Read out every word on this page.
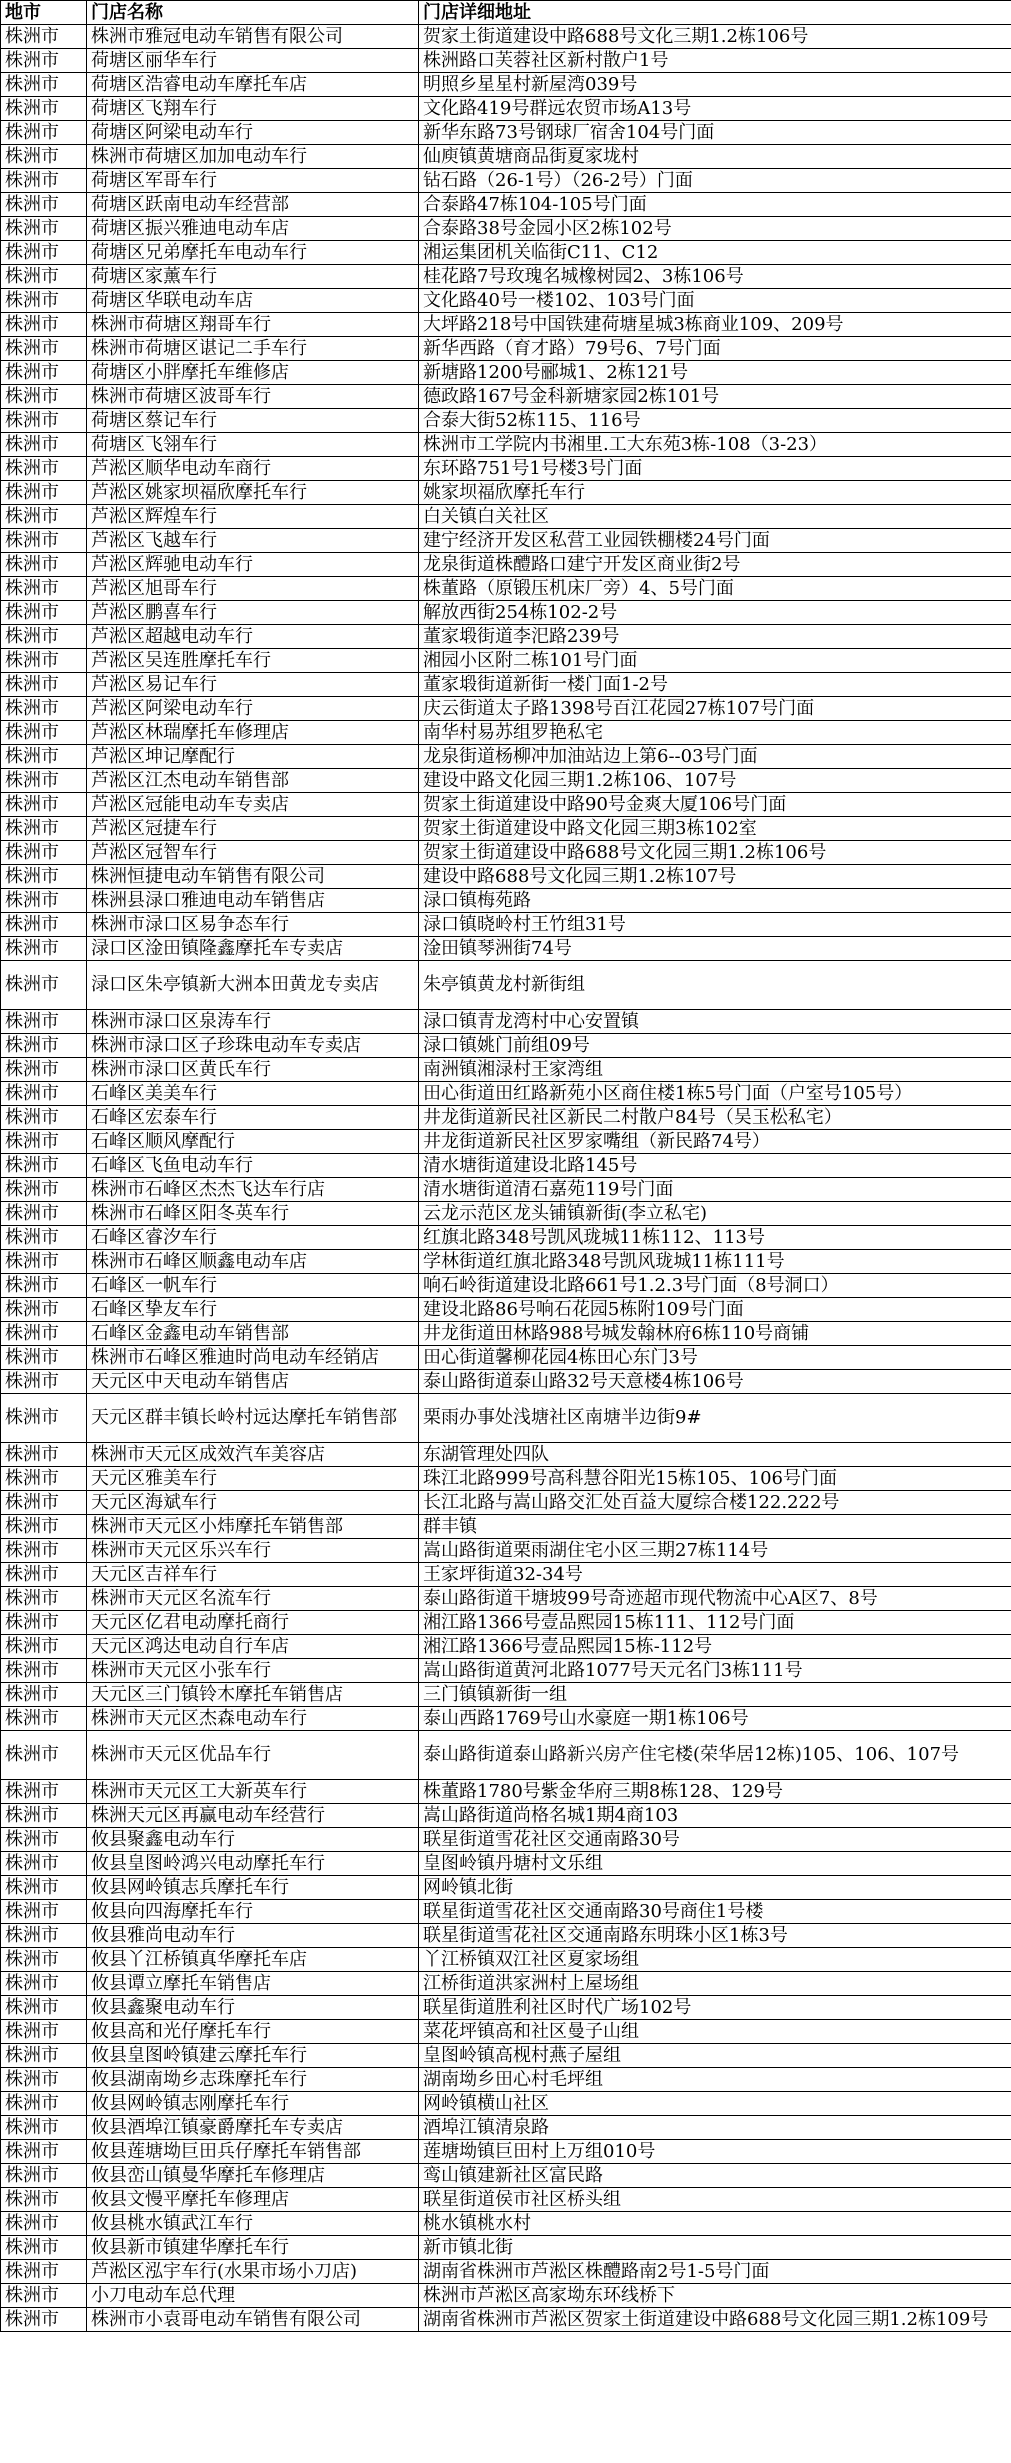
地市	门店名称	门店详细地址
株洲市	株洲市雅冠电动车销售有限公司	贺家土街道建设中路688号文化三期1.2栋106号
株洲市	荷塘区丽华车行	株洲路口芙蓉社区新村散户1号
株洲市	荷塘区浩睿电动车摩托车店	明照乡星星村新屋湾039号
株洲市	荷塘区飞翔车行	文化路419号群远农贸市场A13号
株洲市	荷塘区阿梁电动车行	新华东路73号钢球厂宿舍104号门面
株洲市	株洲市荷塘区加加电动车行	仙庾镇黄塘商品街夏家垅村
株洲市	荷塘区军哥车行	钻石路（26-1号）（26-2号）门面
株洲市	荷塘区跃南电动车经营部	合泰路47栋104-105号门面
株洲市	荷塘区振兴雅迪电动车店	合泰路38号金园小区2栋102号
株洲市	荷塘区兄弟摩托车电动车行	湘运集团机关临街C11、C12
株洲市	荷塘区家薰车行	桂花路7号玫瑰名城橡树园2、3栋106号
株洲市	荷塘区华联电动车店	文化路40号一楼102、103号门面
株洲市	株洲市荷塘区翔哥车行	大坪路218号中国铁建荷塘星城3栋商业109、209号
株洲市	株洲市荷塘区谌记二手车行	新华西路（育才路）79号6、7号门面
株洲市	荷塘区小胖摩托车维修店	新塘路1200号郦城1、2栋121号
株洲市	株洲市荷塘区波哥车行	德政路167号金科新塘家园2栋101号
株洲市	荷塘区蔡记车行	合泰大街52栋115、116号
株洲市	荷塘区飞翎车行	株洲市工学院内书湘里.工大东苑3栋-108（3-23）
株洲市	芦淞区顺华电动车商行	东环路751号1号楼3号门面
株洲市	芦淞区姚家坝福欣摩托车行	姚家坝福欣摩托车行
株洲市	芦淞区辉煌车行	白关镇白关社区
株洲市	芦淞区飞越车行	建宁经济开发区私营工业园铁棚楼24号门面
株洲市	芦淞区辉驰电动车行	龙泉街道株醴路口建宁开发区商业街2号
株洲市	芦淞区旭哥车行	株董路（原锻压机床厂旁）4、5号门面
株洲市	芦淞区鹏喜车行	解放西街254栋102-2号
株洲市	芦淞区超越电动车行	董家塅街道李汜路239号
株洲市	芦淞区吴连胜摩托车行	湘园小区附二栋101号门面
株洲市	芦淞区易记车行	董家塅街道新街一楼门面1-2号
株洲市	芦淞区阿梁电动车行	庆云街道太子路1398号百江花园27栋107号门面
株洲市	芦淞区林瑞摩托车修理店	南华村易苏组罗艳私宅
株洲市	芦淞区坤记摩配行	龙泉街道杨柳冲加油站边上第6--03号门面
株洲市	芦淞区江杰电动车销售部	建设中路文化园三期1.2栋106、107号
株洲市	芦淞区冠能电动车专卖店	贺家土街道建设中路90号金爽大厦106号门面
株洲市	芦淞区冠捷车行	贺家土街道建设中路文化园三期3栋102室
株洲市	芦淞区冠智车行	贺家土街道建设中路688号文化园三期1.2栋106号
株洲市	株洲恒捷电动车销售有限公司	建设中路688号文化园三期1.2栋107号
株洲市	株洲县渌口雅迪电动车销售店	渌口镇梅苑路
株洲市	株洲市渌口区易争态车行	渌口镇晓岭村王竹组31号
株洲市	渌口区淦田镇隆鑫摩托车专卖店	淦田镇琴洲街74号
株洲市	渌口区朱亭镇新大洲本田黄龙专卖店	朱亭镇黄龙村新街组
株洲市	株洲市渌口区泉涛车行	渌口镇青龙湾村中心安置镇
株洲市	株洲市渌口区子珍珠电动车专卖店	渌口镇姚门前组09号
株洲市	株洲市渌口区黄氏车行	南洲镇湘渌村王家湾组
株洲市	石峰区美美车行	田心街道田红路新苑小区商住楼1栋5号门面（户室号105号）
株洲市	石峰区宏泰车行	井龙街道新民社区新民二村散户84号（吴玉松私宅）
株洲市	石峰区顺风摩配行	井龙街道新民社区罗家嘴组（新民路74号）
株洲市	石峰区飞鱼电动车行	清水塘街道建设北路145号
株洲市	株洲市石峰区杰杰飞达车行店	清水塘街道清石嘉苑119号门面
株洲市	株洲市石峰区阳冬英车行	云龙示范区龙头铺镇新街(李立私宅)
株洲市	石峰区睿汐车行	红旗北路348号凯风珑城11栋112、113号
株洲市	株洲市石峰区顺鑫电动车店	学林街道红旗北路348号凯风珑城11栋111号
株洲市	石峰区一帆车行	响石岭街道建设北路661号1.2.3号门面（8号洞口）
株洲市	石峰区挚友车行	建设北路86号响石花园5栋附109号门面
株洲市	石峰区金鑫电动车销售部	井龙街道田林路988号城发翰林府6栋110号商铺
株洲市	株洲市石峰区雅迪时尚电动车经销店	田心街道馨柳花园4栋田心东门3号
株洲市	天元区中天电动车销售店	泰山路街道泰山路32号天意楼4栋106号
株洲市	天元区群丰镇长岭村远达摩托车销售部	栗雨办事处浅塘社区南塘半边街9#
株洲市	株洲市天元区成效汽车美容店	东湖管理处四队
株洲市	天元区雅美车行	珠江北路999号高科慧谷阳光15栋105、106号门面
株洲市	天元区海斌车行	长江北路与嵩山路交汇处百益大厦综合楼122.222号
株洲市	株洲市天元区小炜摩托车销售部	群丰镇
株洲市	株洲市天元区乐兴车行	嵩山路街道栗雨湖住宅小区三期27栋114号
株洲市	天元区吉祥车行	王家坪街道32-34号
株洲市	株洲市天元区名流车行	泰山路街道干塘坡99号奇迹超市现代物流中心A区7、8号
株洲市	天元区亿君电动摩托商行	湘江路1366号壹品熙园15栋111、112号门面
株洲市	天元区鸿达电动自行车店	湘江路1366号壹品熙园15栋-112号
株洲市	株洲市天元区小张车行	嵩山路街道黄河北路1077号天元名门3栋111号
株洲市	天元区三门镇铃木摩托车销售店	三门镇镇新街一组
株洲市	株洲市天元区杰森电动车行	泰山西路1769号山水豪庭一期1栋106号
株洲市	株洲市天元区优品车行	泰山路街道泰山路新兴房产住宅楼(荣华居12栋)105、106、107号
株洲市	株洲市天元区工大新英车行	株董路1780号紫金华府三期8栋128、129号
株洲市	株洲天元区再赢电动车经营行	嵩山路街道尚格名城1期4商103
株洲市	攸县聚鑫电动车行	联星街道雪花社区交通南路30号
株洲市	攸县皇图岭鸿兴电动摩托车行	皇图岭镇丹塘村文乐组
株洲市	攸县网岭镇志兵摩托车行	网岭镇北街
株洲市	攸县向四海摩托车行	联星街道雪花社区交通南路30号商住1号楼
株洲市	攸县雅尚电动车行	联星街道雪花社区交通南路东明珠小区1栋3号
株洲市	攸县丫江桥镇真华摩托车店	丫江桥镇双江社区夏家场组
株洲市	攸县谭立摩托车销售店	江桥街道洪家洲村上屋场组
株洲市	攸县鑫聚电动车行	联星街道胜利社区时代广场102号
株洲市	攸县高和光仔摩托车行	菜花坪镇高和社区曼子山组
株洲市	攸县皇图岭镇建云摩托车行	皇图岭镇高枧村燕子屋组
株洲市	攸县湖南坳乡志珠摩托车行	湖南坳乡田心村毛坪组
株洲市	攸县网岭镇志刚摩托车行	网岭镇横山社区
株洲市	攸县酒埠江镇豪爵摩托车专卖店	酒埠江镇清泉路
株洲市	攸县莲塘坳巨田兵仔摩托车销售部	莲塘坳镇巨田村上万组010号
株洲市	攸县峦山镇曼华摩托车修理店	鸾山镇建新社区富民路
株洲市	攸县文慢平摩托车修理店	联星街道侯市社区桥头组
株洲市	攸县桃水镇武江车行	桃水镇桃水村
株洲市	攸县新市镇建华摩托车行	新市镇北街
株洲市	芦淞区泓宇车行(水果市场小刀店)	湖南省株洲市芦淞区株醴路南2号1-5号门面
株洲市	小刀电动车总代理	株洲市芦淞区高家坳东环线桥下
株洲市	株洲市小袁哥电动车销售有限公司	湖南省株洲市芦淞区贺家土街道建设中路688号文化园三期1.2栋109号
